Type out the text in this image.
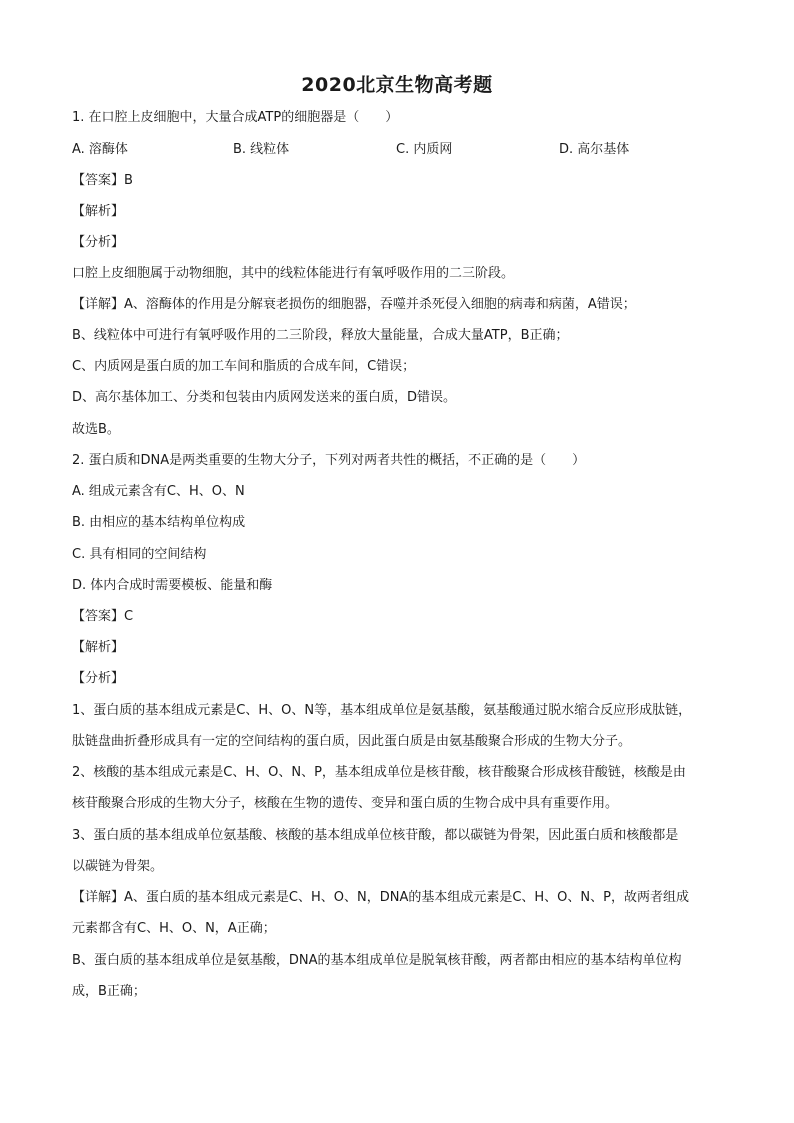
2020北京生物高考题
1. 在口腔上皮细胞中，大量合成ATP的细胞器是（　　）
A. 溶酶体	B. 线粒体	C. 内质网	D. 高尔基体
【答案】B
【解析】
【分析】
口腔上皮细胞属于动物细胞，其中的线粒体能进行有氧呼吸作用的二三阶段。
【详解】A、溶酶体的作用是分解衰老损伤的细胞器，吞噬并杀死侵入细胞的病毒和病菌，A错误；
B、线粒体中可进行有氧呼吸作用的二三阶段，释放大量能量，合成大量ATP，B正确；
C、内质网是蛋白质的加工车间和脂质的合成车间，C错误；
D、高尔基体加工、分类和包装由内质网发送来的蛋白质，D错误。
故选B。
2. 蛋白质和DNA是两类重要的生物大分子，下列对两者共性的概括，不正确的是（　　）
A. 组成元素含有C、H、O、N
B. 由相应的基本结构单位构成
C. 具有相同的空间结构
D. 体内合成时需要模板、能量和酶
【答案】C
【解析】
【分析】
1、蛋白质的基本组成元素是C、H、O、N等，基本组成单位是氨基酸，氨基酸通过脱水缩合反应形成肽链，
肽链盘曲折叠形成具有一定的空间结构的蛋白质，因此蛋白质是由氨基酸聚合形成的生物大分子。
2、核酸的基本组成元素是C、H、O、N、P，基本组成单位是核苷酸，核苷酸聚合形成核苷酸链，核酸是由
核苷酸聚合形成的生物大分子，核酸在生物的遗传、变异和蛋白质的生物合成中具有重要作用。
3、蛋白质的基本组成单位氨基酸、核酸的基本组成单位核苷酸，都以碳链为骨架，因此蛋白质和核酸都是
以碳链为骨架。
【详解】A、蛋白质的基本组成元素是C、H、O、N，DNA的基本组成元素是C、H、O、N、P，故两者组成
元素都含有C、H、O、N，A正确；
B、蛋白质的基本组成单位是氨基酸，DNA的基本组成单位是脱氧核苷酸，两者都由相应的基本结构单位构
成，B正确；
